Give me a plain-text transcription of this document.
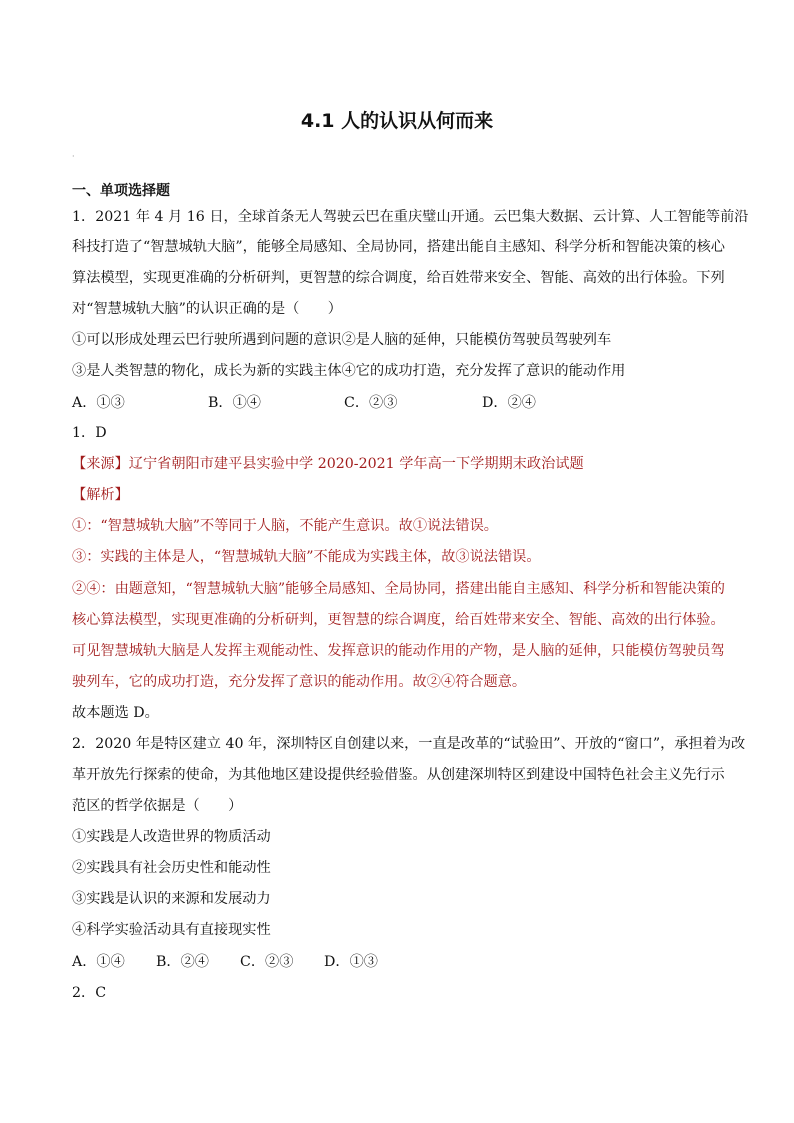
4.1 人的认识从何而来
·
一、单项选择题
1．2021 年 4 月 16 日，全球首条无人驾驶云巴在重庆璧山开通。云巴集大数据、云计算、人工智能等前沿
科技打造了“智慧城轨大脑”，能够全局感知、全局协同，搭建出能自主感知、科学分析和智能决策的核心
算法模型，实现更准确的分析研判，更智慧的综合调度，给百姓带来安全、智能、高效的出行体验。下列
对“智慧城轨大脑”的认识正确的是（　　）
①可以形成处理云巴行驶所遇到问题的意识②是人脑的延伸，只能模仿驾驶员驾驶列车
③是人类智慧的物化，成长为新的实践主体④它的成功打造，充分发挥了意识的能动作用
A．①③	B．①④	C．②③	D．②④
1．D
【来源】辽宁省朝阳市建平县实验中学 2020-2021 学年高一下学期期末政治试题
【解析】
①：“智慧城轨大脑”不等同于人脑，不能产生意识。故①说法错误。
③：实践的主体是人，“智慧城轨大脑”不能成为实践主体，故③说法错误。
②④：由题意知，“智慧城轨大脑”能够全局感知、全局协同，搭建出能自主感知、科学分析和智能决策的
核心算法模型，实现更准确的分析研判，更智慧的综合调度，给百姓带来安全、智能、高效的出行体验。
可见智慧城轨大脑是人发挥主观能动性、发挥意识的能动作用的产物，是人脑的延伸，只能模仿驾驶员驾
驶列车，它的成功打造，充分发挥了意识的能动作用。故②④符合题意。
故本题选 D。
2．2020 年是特区建立 40 年，深圳特区自创建以来，一直是改革的“试验田”、开放的“窗口”，承担着为改
革开放先行探索的使命，为其他地区建设提供经验借鉴。从创建深圳特区到建设中国特色社会主义先行示
范区的哲学依据是（　　）
①实践是人改造世界的物质活动
②实践具有社会历史性和能动性
③实践是认识的来源和发展动力
④科学实验活动具有直接现实性
A．①④ B．②④ C．②③ D．①③
2．C
